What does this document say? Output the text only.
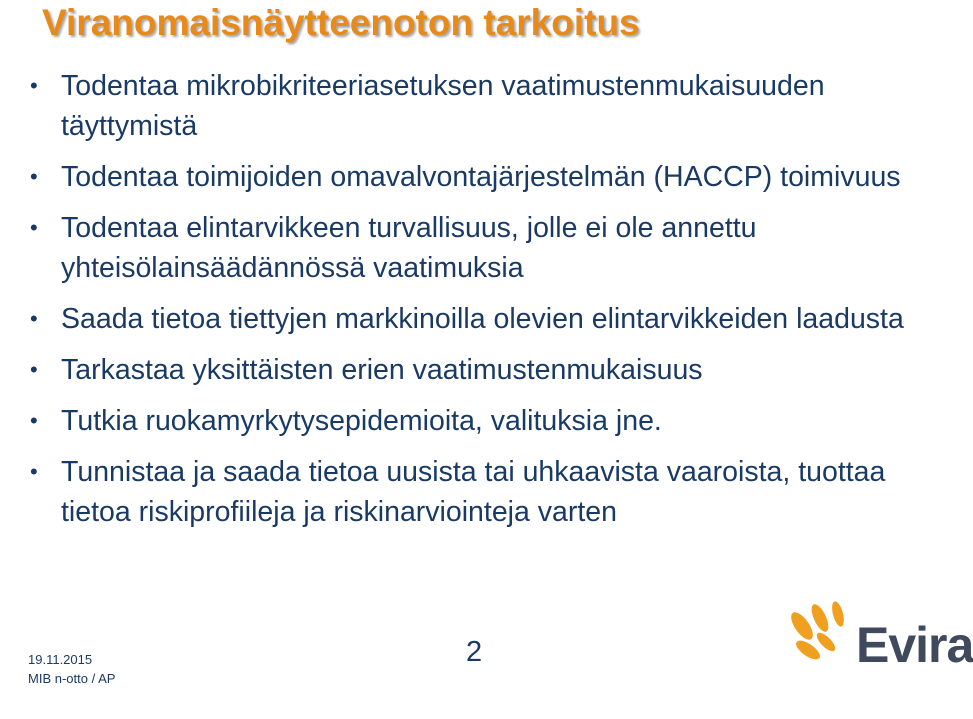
Viranomaisnäytteenoton tarkoitus
• Todentaa mikrobikriteeriasetuksen vaatimustenmukaisuuden täyttymistä
• Todentaa toimijoiden omavalvontajärjestelmän (HACCP) toimivuus
• Todentaa elintarvikkeen turvallisuus, jolle ei ole annettu yhteisölainsäädännössä vaatimuksia
• Saada tietoa tiettyjen markkinoilla olevien elintarvikkeiden laadusta
• Tarkastaa yksittäisten erien vaatimustenmukaisuus
• Tutkia ruokamyrkytysepidemioita, valituksia jne.
• Tunnistaa ja saada tietoa uusista tai uhkaavista vaaroista, tuottaa tietoa riskiprofiileja ja riskinarviointeja varten
19.11.2015
MIB n-otto / AP
2	Evira
